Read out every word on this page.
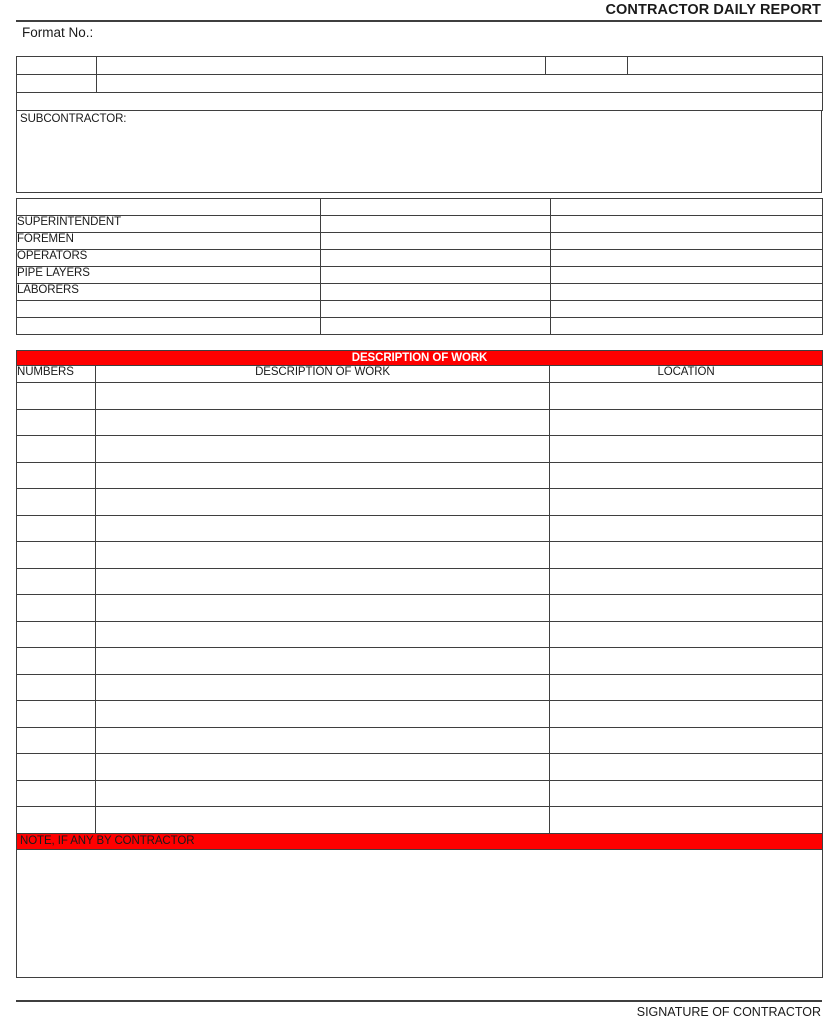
CONTRACTOR DAILY REPORT
Format No.:
JOB NAME:		DATE:	
JOB NO:			

SUBCONTRACTOR:
EMPLOYEES ON JOB	NUMBERS OF EMPLOYEE	AMOUNT OF WAGES
SUPERINTENDENT		
FOREMEN		
OPERATORS		
PIPE LAYERS		
LABORERS		
TOTAL EMPLOYEES		$
TOTAL MAN-HOURS		
DESCRIPTION OF WORK		
NUMBERS	DESCRIPTION OF WORK	LOCATION

NOTE, IF ANY BY CONTRACTOR		

SIGNATURE OF CONTRACTOR
